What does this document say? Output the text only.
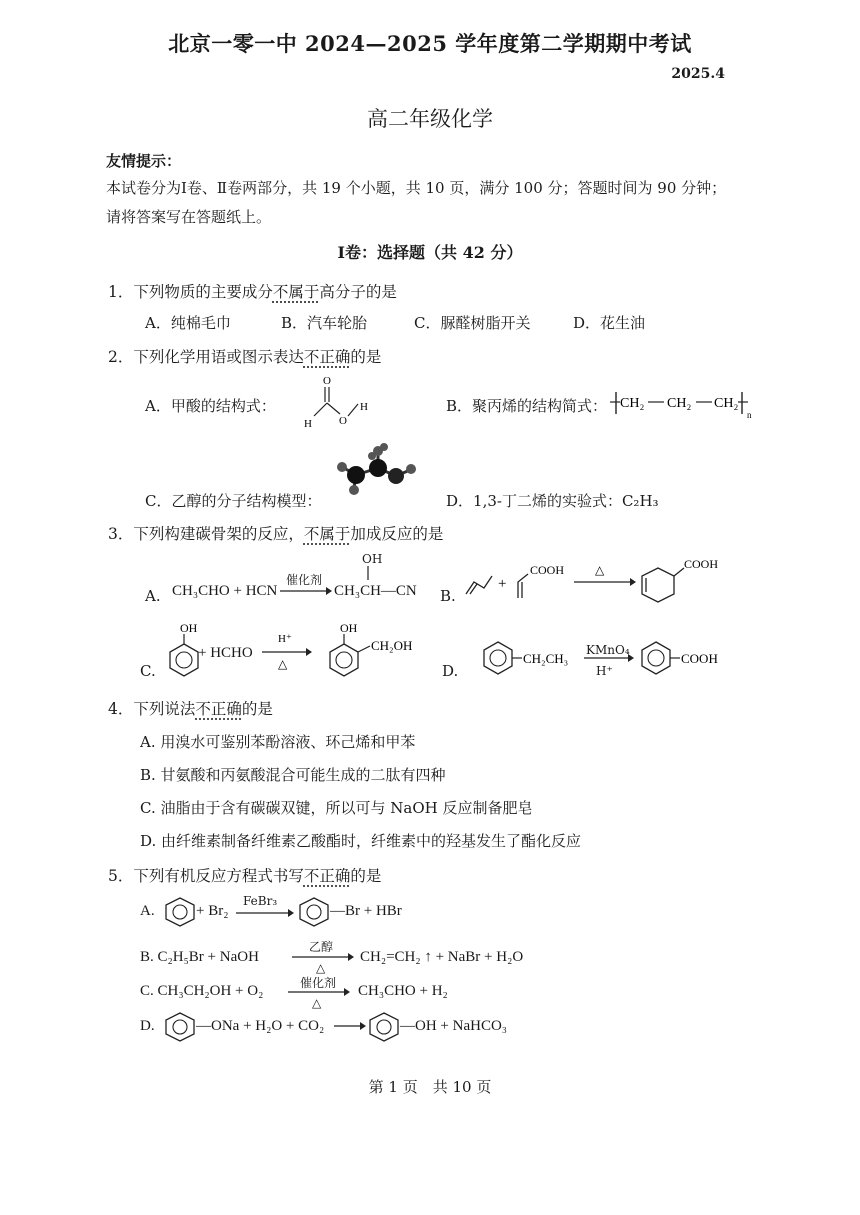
北京一零一中 2024—2025 学年度第二学期期中考试
2025.4
高二年级化学
友情提示：
本试卷分为Ⅰ卷、Ⅱ卷两部分，共 19 个小题，共 10 页，满分 100 分；答题时间为 90 分钟；
请将答案写在答题纸上。
Ⅰ卷：选择题（共 42 分）
1．下列物质的主要成分不属于高分子的是
A．纯棉毛巾	B．汽车轮胎	C．脲醛树脂开关	D．花生油
2．下列化学用语或图示表达不正确的是
A．甲酸的结构式：
O
H O
H	B．聚丙烯的结构简式： CH₂ CH₂ CH₂
n
C．乙醇的分子结构模型：	D．1,3-丁二烯的实验式：C₂H₃
3．下列构建碳骨架的反应，不属于加成反应的是
A. CH₃CHO + HCN
催化剂
OH
CH₃CH—CN B.
+
COOH	△	COOH
C.
OH
H⁺
△
OH
CH₂OH
+ HCHO
D.
CH₂CH₃	COOH
KMnO₄
H⁺
4．下列说法不正确的是
A. 用溴水可鉴别苯酚溶液、环己烯和甲苯
B. 甘氨酸和丙氨酸混合可能生成的二肽有四种
C. 油脂由于含有碳碳双键，所以可与 NaOH 反应制备肥皂
D. 由纤维素制备纤维素乙酸酯时，纤维素中的羟基发生了酯化反应
5．下列有机反应方程式书写不正确的是
A.	+ Br₂
FeBr₃
—Br + HBr
B. C₂H₅Br + NaOH
乙醇
△
CH₂=CH₂ ↑ + NaBr + H₂O
C. CH₃CH₂OH + O₂	催化剂
△
CH₃CHO + H₂
D.	—ONa + H₂O + CO₂	—OH + NaHCO₃
第 1 页　共 10 页
